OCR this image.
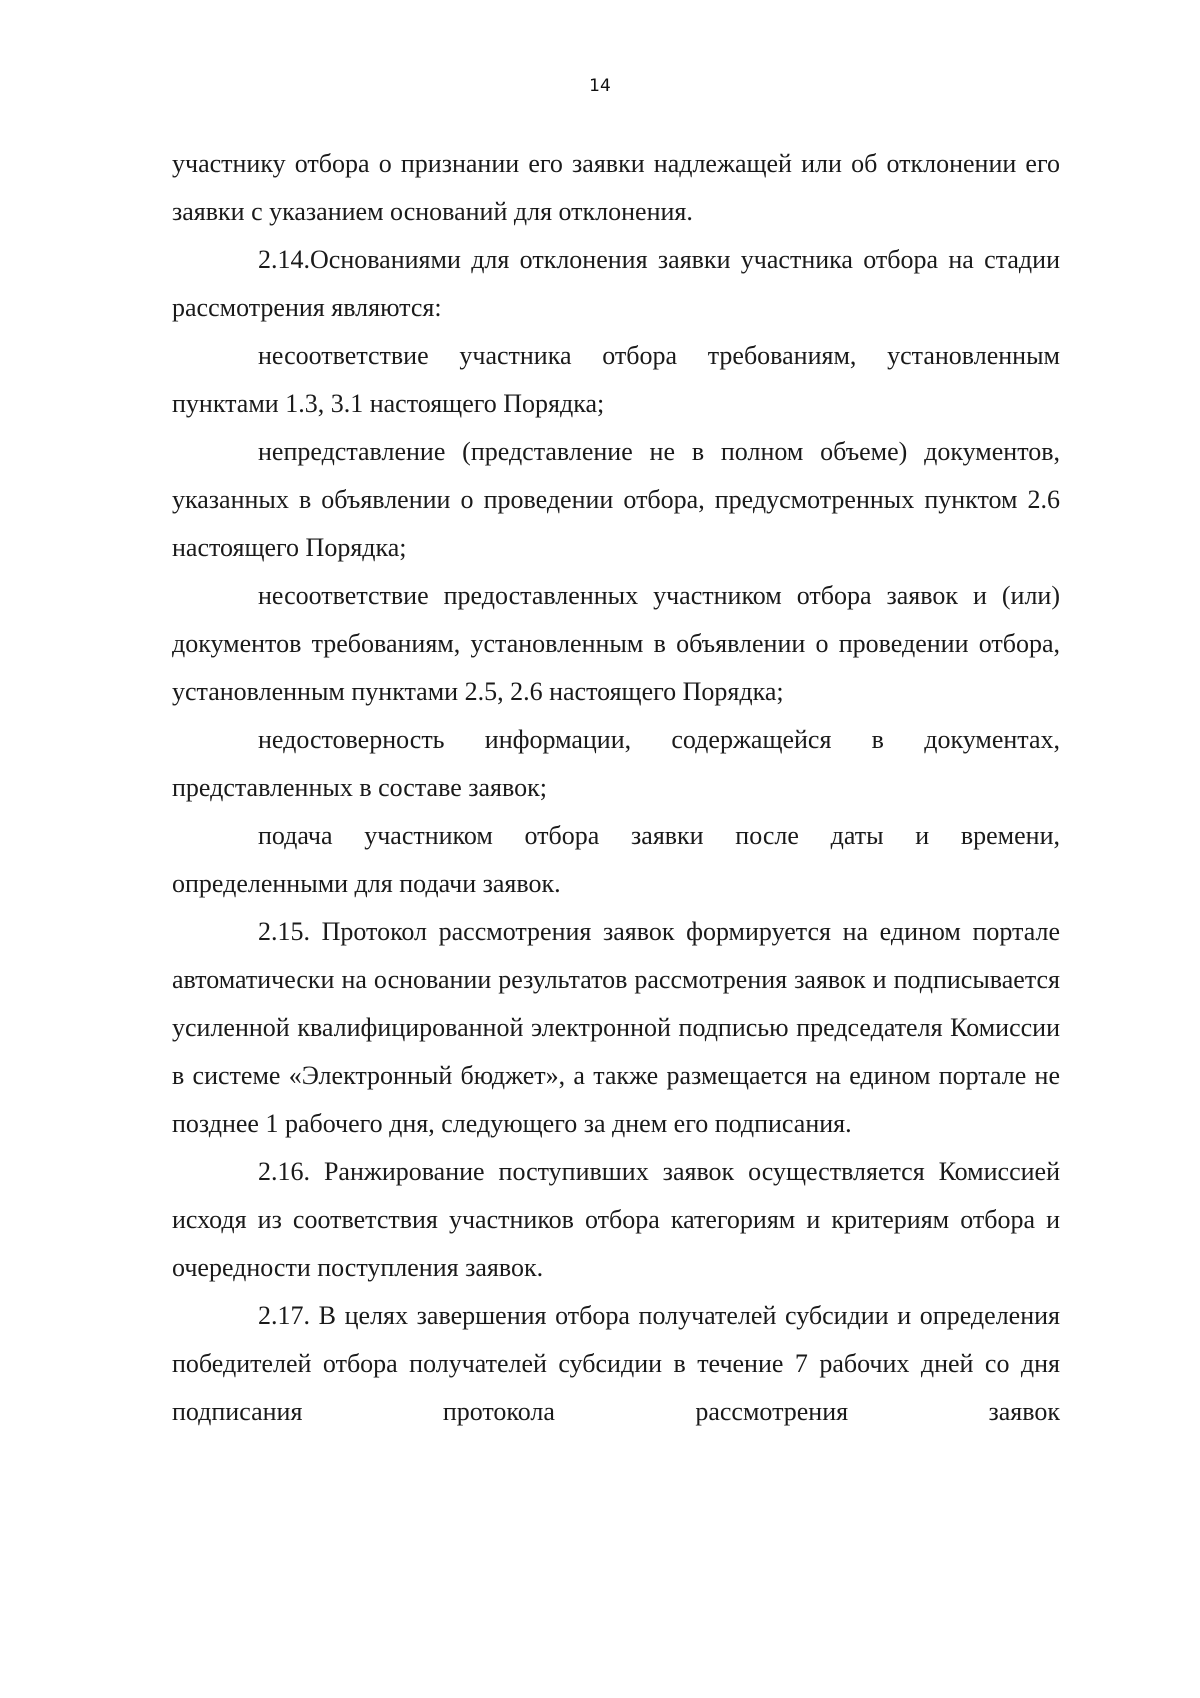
14

участнику отбора о признании его заявки надлежащей или об отклонении его заявки с указанием оснований для отклонения.

2.14.Основаниями для отклонения заявки участника отбора на стадии рассмотрения являются:

несоответствие участника отбора требованиям, установленным пунктами 1.3, 3.1 настоящего Порядка;

непредставление (представление не в полном объеме) документов, указанных в объявлении о проведении отбора, предусмотренных пунктом 2.6 настоящего Порядка;

несоответствие предоставленных участником отбора заявок и (или) документов требованиям, установленным в объявлении о проведении отбора, установленным пунктами 2.5, 2.6 настоящего Порядка;

недостоверность информации, содержащейся в документах, представленных в составе заявок;

подача участником отбора заявки после даты и времени, определенными для подачи заявок.

2.15. Протокол рассмотрения заявок формируется на едином портале автоматически на основании результатов рассмотрения заявок и подписывается усиленной квалифицированной электронной подписью председателя Комиссии в системе «Электронный бюджет», а также размещается на едином портале не позднее 1 рабочего дня, следующего за днем его подписания.

2.16. Ранжирование поступивших заявок осуществляется Комиссией исходя из соответствия участников отбора категориям и критериям отбора и очередности поступления заявок.

2.17. В целях завершения отбора получателей субсидии и определения победителей отбора получателей субсидии в течение 7 рабочих дней со дня подписания протокола рассмотрения заявок
